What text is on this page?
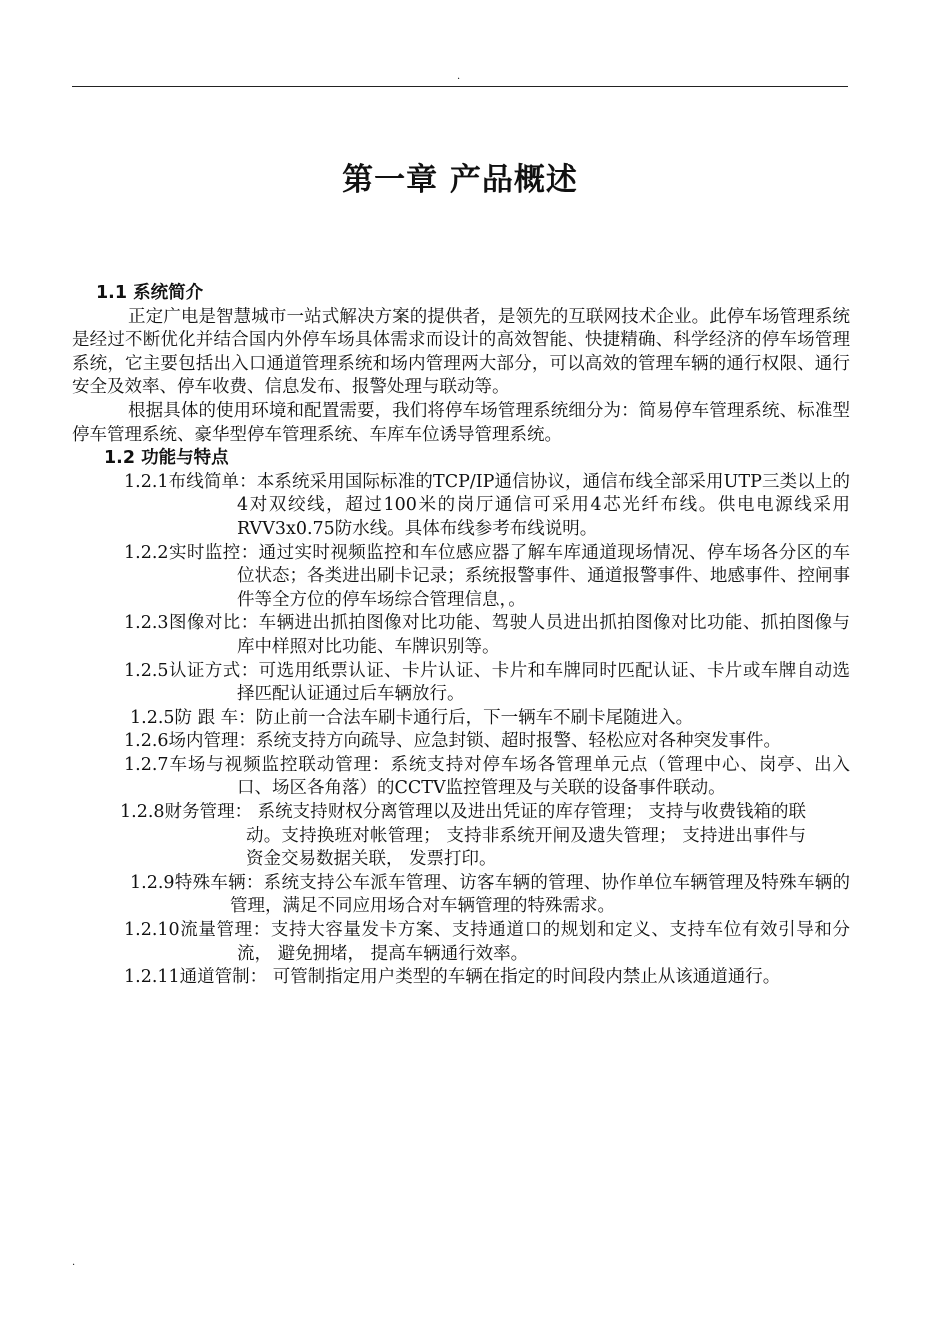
.
第一章 产品概述

1.1 系统简介

正定广电是智慧城市一站式解决方案的提供者，是领先的互联网技术企业。此停车场管理系统是经过不断优化并结合国内外停车场具体需求而设计的高效智能、快捷精确、科学经济的停车场管理系统，它主要包括出入口通道管理系统和场内管理两大部分，可以高效的管理车辆的通行权限、通行安全及效率、停车收费、信息发布、报警处理与联动等。

根据具体的使用环境和配置需要，我们将停车场管理系统细分为：简易停车管理系统、标准型停车管理系统、豪华型停车管理系统、车库车位诱导管理系统。

1.2 功能与特点

1.2.1布线简单：本系统采用国际标准的TCP/IP通信协议，通信布线全部采用UTP三类以上的4对双绞线，超过100米的岗厅通信可采用4芯光纤布线。供电电源线采用RVV3x0.75防水线。具体布线参考布线说明。

1.2.2实时监控：通过实时视频监控和车位感应器了解车库通道现场情况、停车场各分区的车位状态；各类进出刷卡记录；系统报警事件、通道报警事件、地感事件、控闸事件等全方位的停车场综合管理信息，。

1.2.3图像对比：车辆进出抓拍图像对比功能、驾驶人员进出抓拍图像对比功能、抓拍图像与库中样照对比功能、车牌识别等。

1.2.5认证方式：可选用纸票认证、卡片认证、卡片和车牌同时匹配认证、卡片或车牌自动选择匹配认证通过后车辆放行。

1.2.5防 跟 车：防止前一合法车刷卡通行后，下一辆车不刷卡尾随进入。

1.2.6场内管理：系统支持方向疏导、应急封锁、超时报警、轻松应对各种突发事件。

1.2.7车场与视频监控联动管理：系统支持对停车场各管理单元点（管理中心、岗亭、出入口、场区各角落）的CCTV监控管理及与关联的设备事件联动。

1.2.8财务管理： 系统支持财权分离管理以及进出凭证的库存管理； 支持与收费钱箱的联动。支持换班对帐管理； 支持非系统开闸及遗失管理； 支持进出事件与资金交易数据关联， 发票打印。

1.2.9特殊车辆：系统支持公车派车管理、访客车辆的管理、协作单位车辆管理及特殊车辆的管理，满足不同应用场合对车辆管理的特殊需求。

1.2.10流量管理：支持大容量发卡方案、支持通道口的规划和定义、支持车位有效引导和分流， 避免拥堵， 提高车辆通行效率。

1.2.11通道管制： 可管制指定用户类型的车辆在指定的时间段内禁止从该通道通行。

.
